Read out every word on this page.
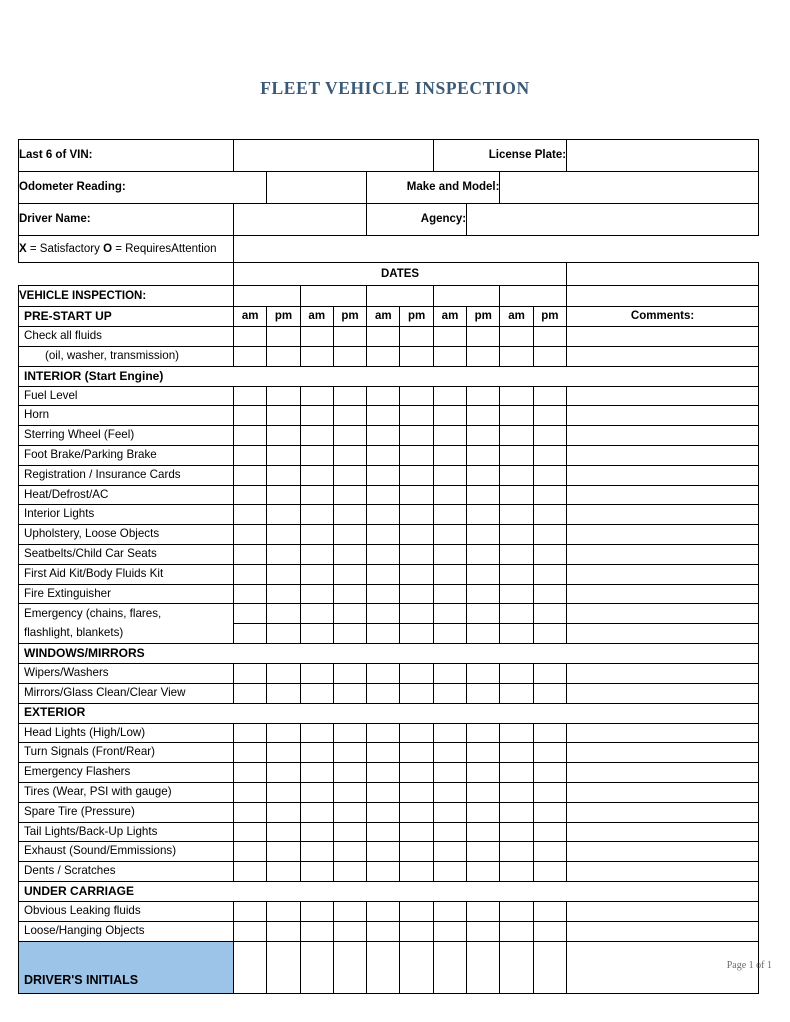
FLEET VEHICLE INSPECTION
Last 6 of VIN:							License Plate:				
Odometer Reading:					Make and Model:						
Driver Name:					Agency:						
X = Satisfactory O = RequiresAttention											
	DATES										
VEHICLE INSPECTION:											
PRE-START UP	am	pm	am	pm	am	pm	am	pm	am	pm	Comments:
Check all fluids											
(oil, washer, transmission)											
INTERIOR (Start Engine)											
Fuel Level											
Horn											
Sterring Wheel (Feel)											
Foot Brake/Parking Brake											
Registration / Insurance Cards											
Heat/Defrost/AC											
Interior Lights											
Upholstery, Loose Objects											
Seatbelts/Child Car Seats											
First Aid Kit/Body Fluids Kit											
Fire Extinguisher											
Emergency (chains, flares,											
flashlight, blankets)											
WINDOWS/MIRRORS											
Wipers/Washers											
Mirrors/Glass Clean/Clear View											
EXTERIOR											
Head Lights (High/Low)											
Turn Signals (Front/Rear)											
Emergency Flashers											
Tires (Wear, PSI with gauge)											
Spare Tire (Pressure)											
Tail Lights/Back-Up Lights											
Exhaust (Sound/Emmissions)											
Dents / Scratches											
UNDER CARRIAGE											
Obvious Leaking fluids											
Loose/Hanging Objects											
DRIVER'S INITIALS											
Page 1 of 1
